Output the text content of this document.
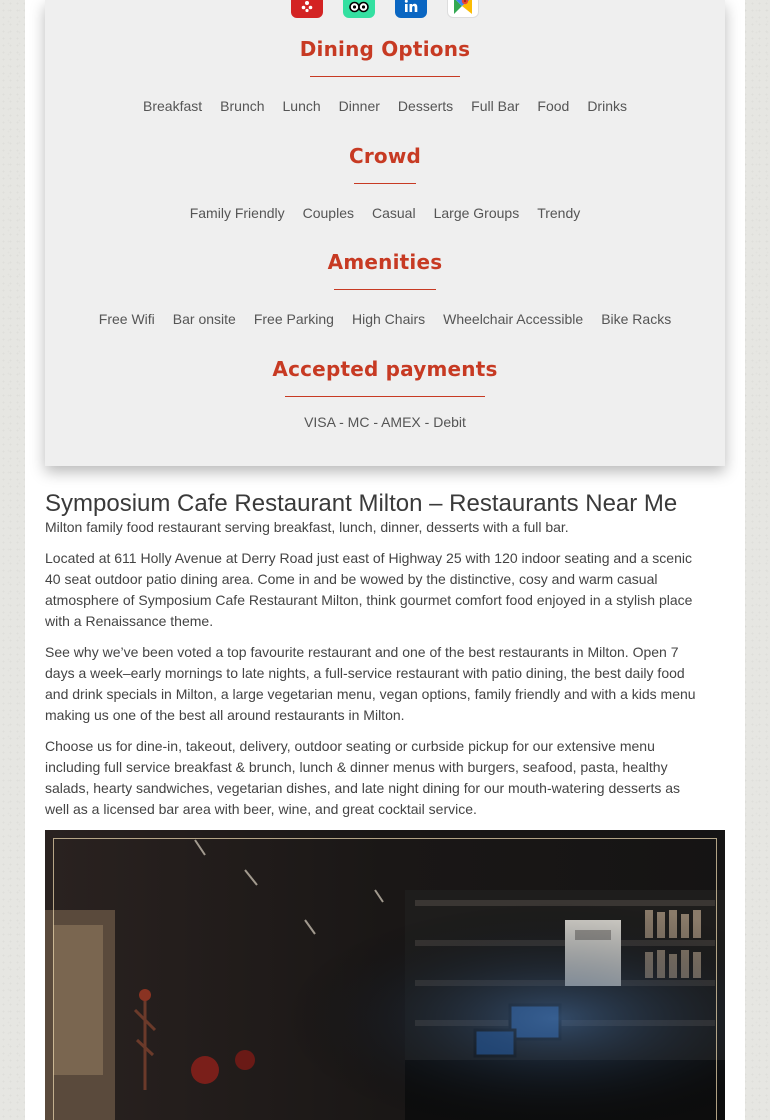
Dining Options
Breakfast Brunch Lunch Dinner Desserts Full Bar Food Drinks
Crowd
Family Friendly Couples Casual Large Groups Trendy
Amenities
Free Wifi Bar onsite Free Parking High Chairs Wheelchair Accessible Bike Racks
Accepted payments
VISA - MC - AMEX - Debit
Symposium Cafe Restaurant Milton – Restaurants Near Me
Milton family food restaurant serving breakfast, lunch, dinner, desserts with a full bar.

Located at 611 Holly Avenue at Derry Road just east of Highway 25 with 120 indoor seating and a scenic 40 seat outdoor patio dining area. Come in and be wowed by the distinctive, cosy and warm casual atmosphere of Symposium Cafe Restaurant Milton, think gourmet comfort food enjoyed in a stylish place with a Renaissance theme.

See why we’ve been voted a top favourite restaurant and one of the best restaurants in Milton. Open 7 days a week–early mornings to late nights, a full-service restaurant with patio dining, the best daily food and drink specials in Milton, a large vegetarian menu, vegan options, family friendly and with a kids menu making us one of the best all around restaurants in Milton.

Choose us for dine-in, takeout, delivery, outdoor seating or curbside pickup for our extensive menu including full service breakfast & brunch, lunch & dinner menus with burgers, seafood, pasta, healthy salads, hearty sandwiches, vegetarian dishes, and late night dining for our mouth-watering desserts as well as a licensed bar area with beer, wine, and great cocktail service.
